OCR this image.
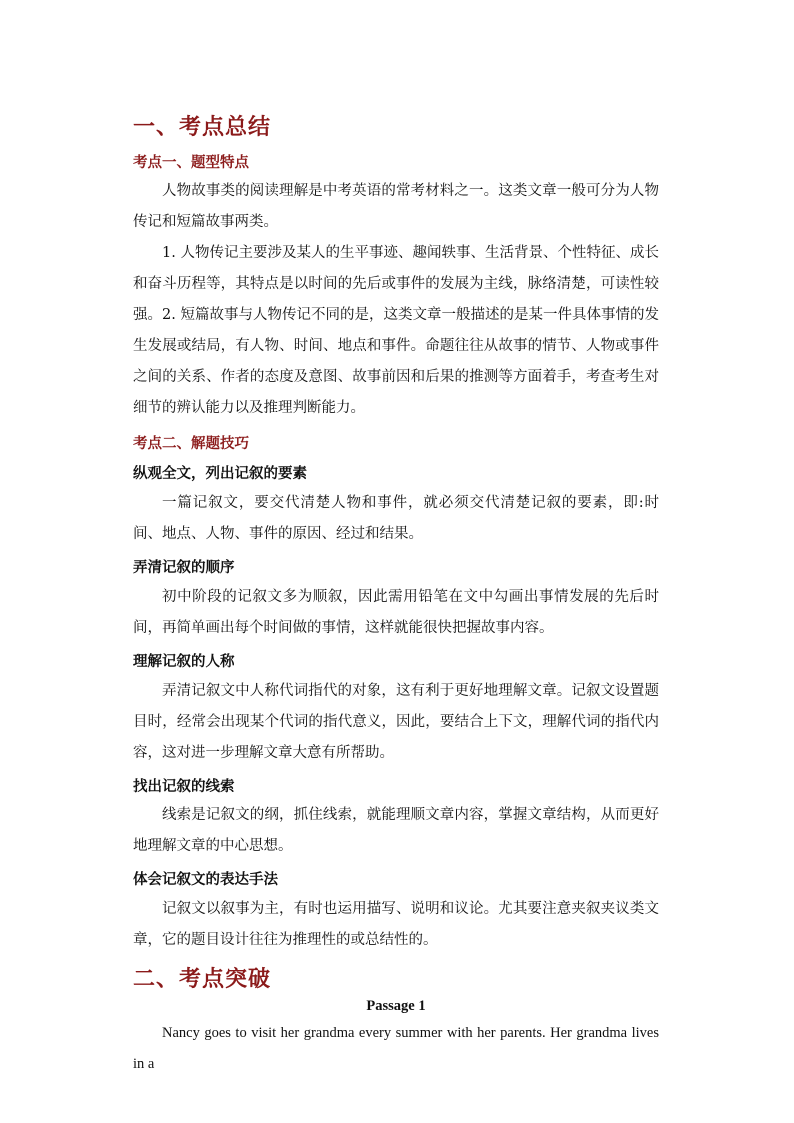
一、考点总结
考点一、题型特点
人物故事类的阅读理解是中考英语的常考材料之一。这类文章一般可分为人物传记和短篇故事两类。
1. 人物传记主要涉及某人的生平事迹、趣闻轶事、生活背景、个性特征、成长和奋斗历程等，其特点是以时间的先后或事件的发展为主线，脉络清楚，可读性较强。 2. 短篇故事与人物传记不同的是，这类文章一般描述的是某一件具体事情的发生发展或结局，有人物、时间、地点和事件。命题往往从故事的情节、人物或事件之间的关系、作者的态度及意图、故事前因和后果的推测等方面着手，考查考生对细节的辨认能力以及推理判断能力。
考点二、解题技巧
纵观全文，列出记叙的要素
一篇记叙文，要交代清楚人物和事件，就必须交代清楚记叙的要素，即:时间、地点、人物、事件的原因、经过和结果。
弄清记叙的顺序
初中阶段的记叙文多为顺叙，因此需用铅笔在文中勾画出事情发展的先后时间，再简单画出每个时间做的事情，这样就能很快把握故事内容。
理解记叙的人称
弄清记叙文中人称代词指代的对象，这有利于更好地理解文章。记叙文设置题目时，经常会出现某个代词的指代意义，因此，要结合上下文，理解代词的指代内容，这对进一步理解文章大意有所帮助。
找出记叙的线索
线索是记叙文的纲，抓住线索，就能理顺文章内容，掌握文章结构，从而更好地理解文章的中心思想。
体会记叙文的表达手法
记叙文以叙事为主，有时也运用描写、说明和议论。尤其要注意夹叙夹议类文章，它的题目设计往往为推理性的或总结性的。
二、考点突破
Passage 1
Nancy goes to visit her grandma every summer with her parents. Her grandma lives in a
